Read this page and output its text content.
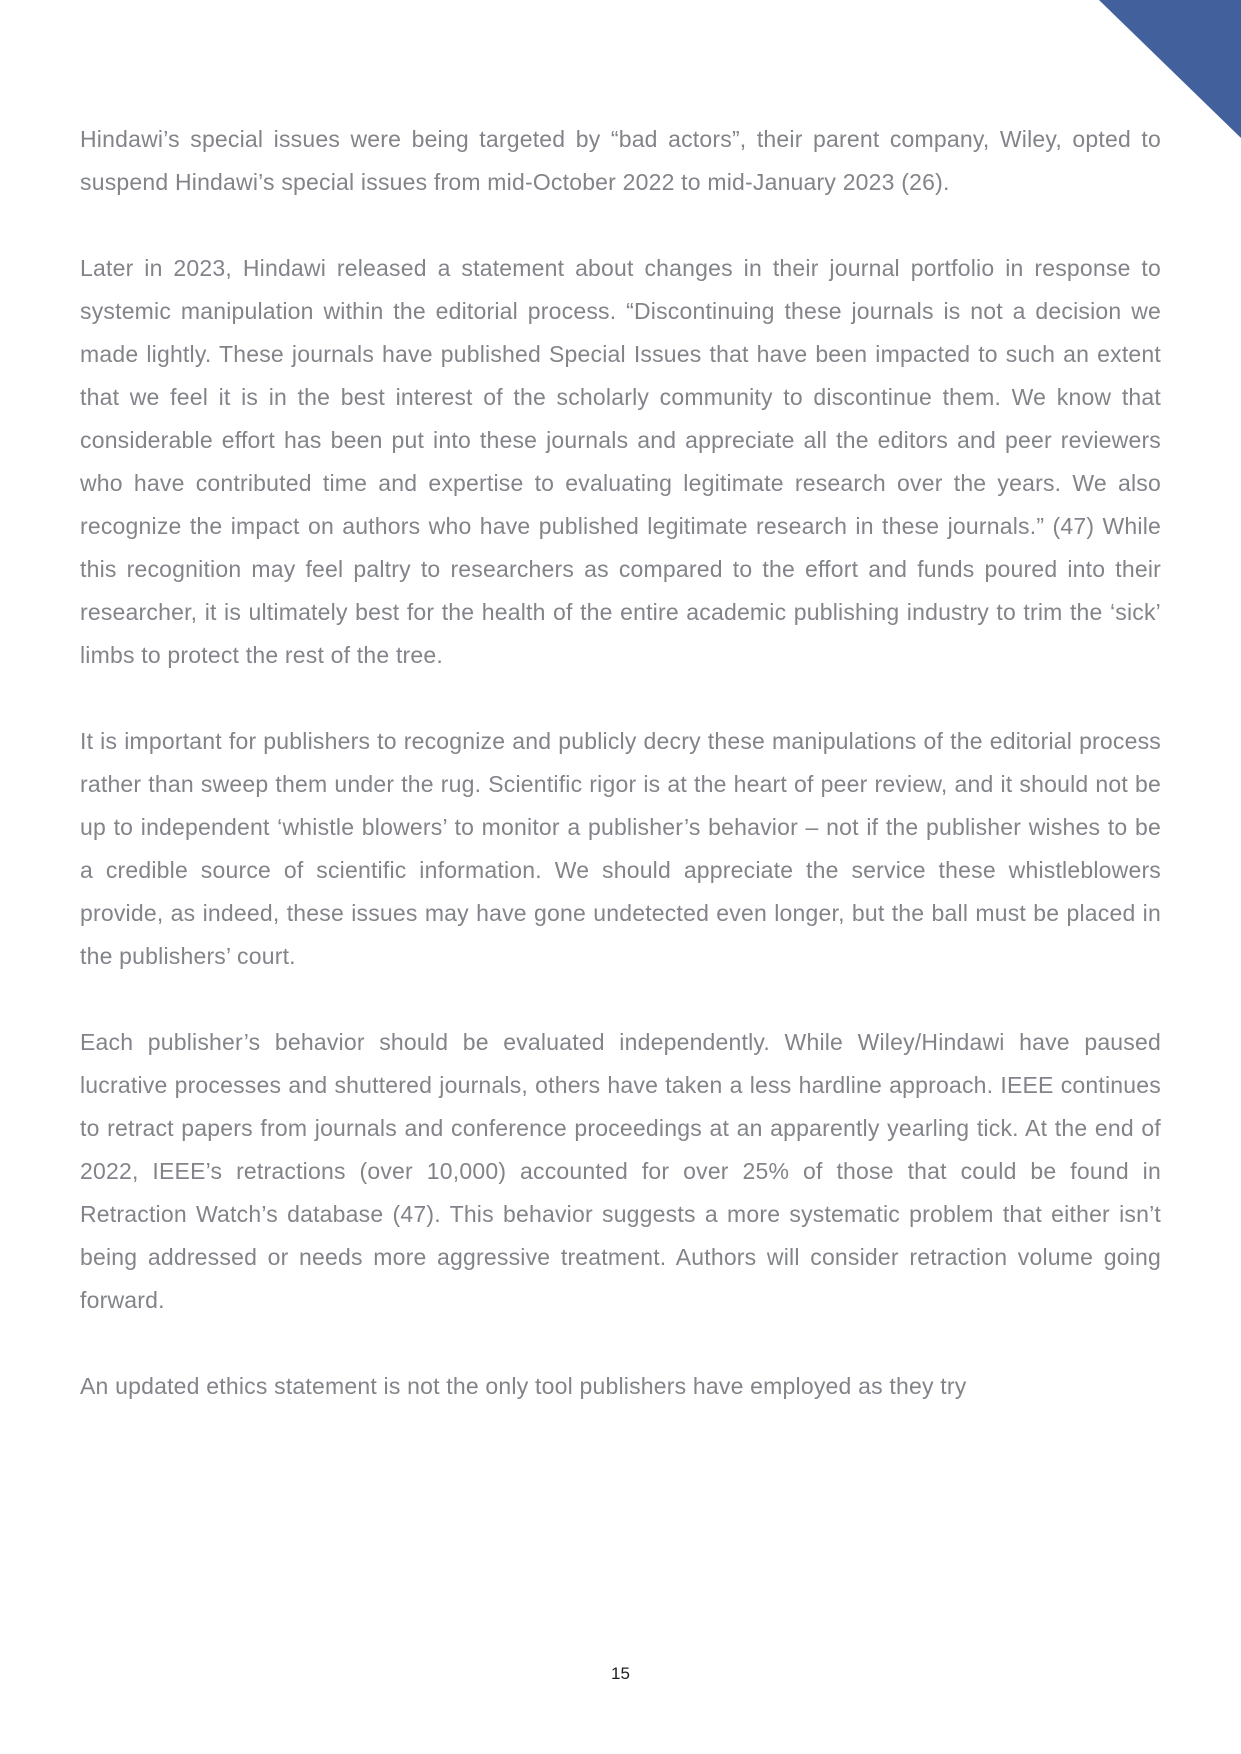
Hindawi’s special issues were being targeted by “bad actors”, their parent company, Wiley, opted to suspend Hindawi’s special issues from mid-October 2022 to mid-January 2023 (26).

Later in 2023, Hindawi released a statement about changes in their journal portfolio in response to systemic manipulation within the editorial process. “Discontinuing these journals is not a decision we made lightly. These journals have published Special Issues that have been impacted to such an extent that we feel it is in the best interest of the scholarly community to discontinue them. We know that considerable effort has been put into these journals and appreciate all the editors and peer reviewers who have contributed time and expertise to evaluating legitimate research over the years. We also recognize the impact on authors who have published legitimate research in these journals.” (47) While this recognition may feel paltry to researchers as compared to the effort and funds poured into their researcher, it is ultimately best for the health of the entire academic publishing industry to trim the ‘sick’ limbs to protect the rest of the tree.

It is important for publishers to recognize and publicly decry these manipulations of the editorial process rather than sweep them under the rug. Scientific rigor is at the heart of peer review, and it should not be up to independent ‘whistle blowers’ to monitor a publisher’s behavior – not if the publisher wishes to be a credible source of scientific information. We should appreciate the service these whistleblowers provide, as indeed, these issues may have gone undetected even longer, but the ball must be placed in the publishers’ court.

Each publisher’s behavior should be evaluated independently. While Wiley/Hindawi have paused lucrative processes and shuttered journals, others have taken a less hardline approach. IEEE continues to retract papers from journals and conference proceedings at an apparently yearling tick. At the end of 2022, IEEE’s retractions (over 10,000) accounted for over 25% of those that could be found in Retraction Watch’s database (47). This behavior suggests a more systematic problem that either isn’t being addressed or needs more aggressive treatment. Authors will consider retraction volume going forward.

An updated ethics statement is not the only tool publishers have employed as they try

15
